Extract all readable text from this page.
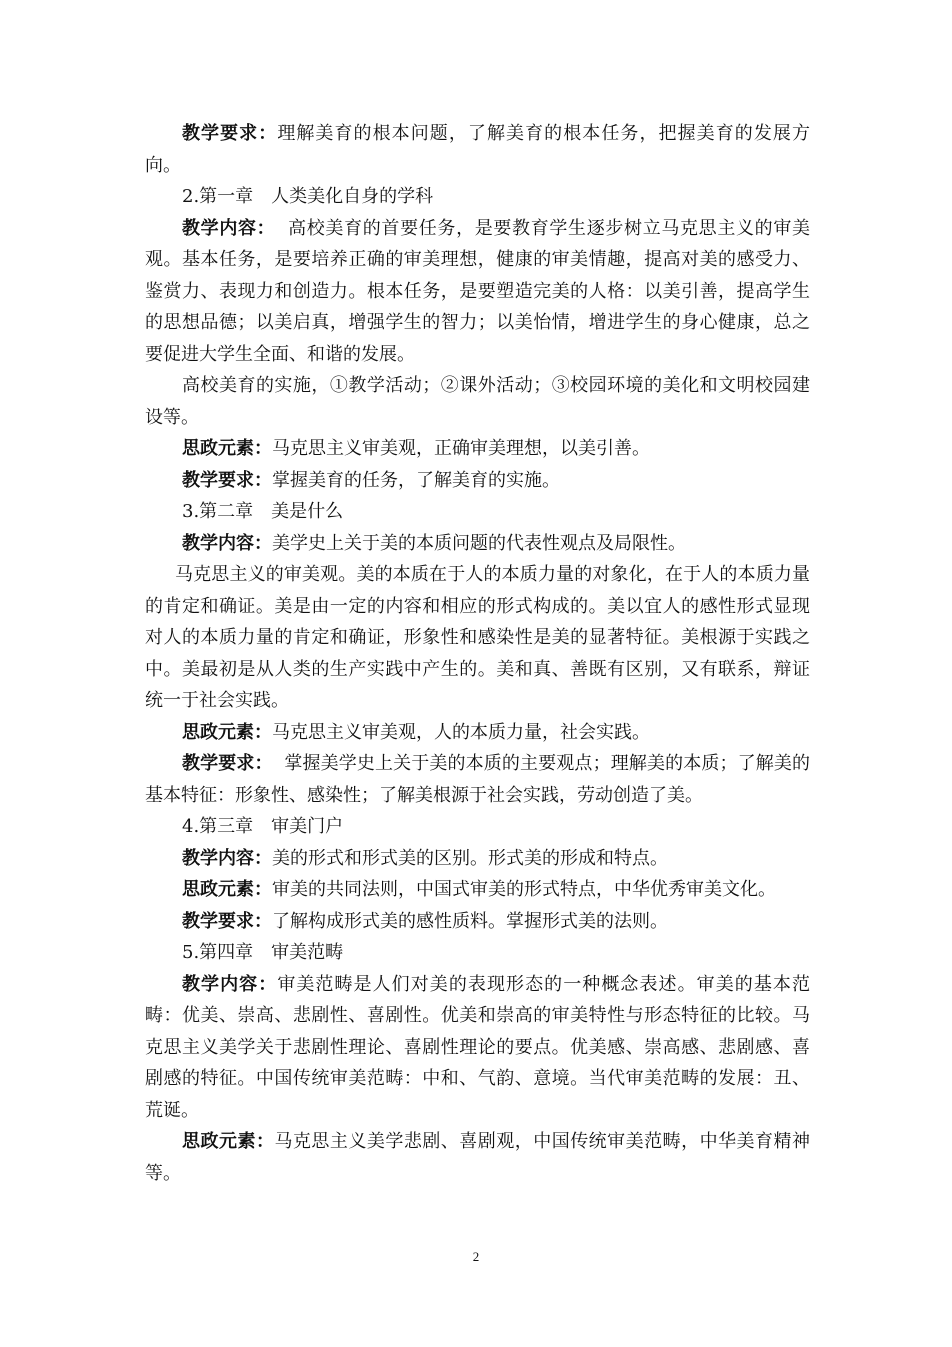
教学要求：理解美育的根本问题，了解美育的根本任务，把握美育的发展方向。

2.第一章　人类美化自身的学科

教学内容：  高校美育的首要任务，是要教育学生逐步树立马克思主义的审美观。基本任务，是要培养正确的审美理想，健康的审美情趣，提高对美的感受力、鉴赏力、表现力和创造力。根本任务，是要塑造完美的人格：以美引善，提高学生的思想品德；以美启真，增强学生的智力；以美怡情，增进学生的身心健康，总之要促进大学生全面、和谐的发展。

高校美育的实施，①教学活动；②课外活动；③校园环境的美化和文明校园建设等。

思政元素：马克思主义审美观，正确审美理想，以美引善。

教学要求：掌握美育的任务，了解美育的实施。

3.第二章　美是什么

教学内容：美学史上关于美的本质问题的代表性观点及局限性。

马克思主义的审美观。美的本质在于人的本质力量的对象化，在于人的本质力量的肯定和确证。美是由一定的内容和相应的形式构成的。美以宜人的感性形式显现对人的本质力量的肯定和确证，形象性和感染性是美的显著特征。美根源于实践之中。美最初是从人类的生产实践中产生的。美和真、善既有区别，又有联系，辩证统一于社会实践。

思政元素：马克思主义审美观，人的本质力量，社会实践。

教学要求：  掌握美学史上关于美的本质的主要观点；理解美的本质；了解美的基本特征：形象性、感染性；了解美根源于社会实践，劳动创造了美。

4.第三章　审美门户

教学内容：美的形式和形式美的区别。形式美的形成和特点。

思政元素：审美的共同法则，中国式审美的形式特点，中华优秀审美文化。

教学要求：了解构成形式美的感性质料。掌握形式美的法则。

5.第四章　审美范畴

教学内容：审美范畴是人们对美的表现形态的一种概念表述。审美的基本范畴：优美、崇高、悲剧性、喜剧性。优美和崇高的审美特性与形态特征的比较。马克思主义美学关于悲剧性理论、喜剧性理论的要点。优美感、崇高感、悲剧感、喜剧感的特征。中国传统审美范畴：中和、气韵、意境。当代审美范畴的发展：丑、荒诞。

思政元素：马克思主义美学悲剧、喜剧观，中国传统审美范畴，中华美育精神等。

2
